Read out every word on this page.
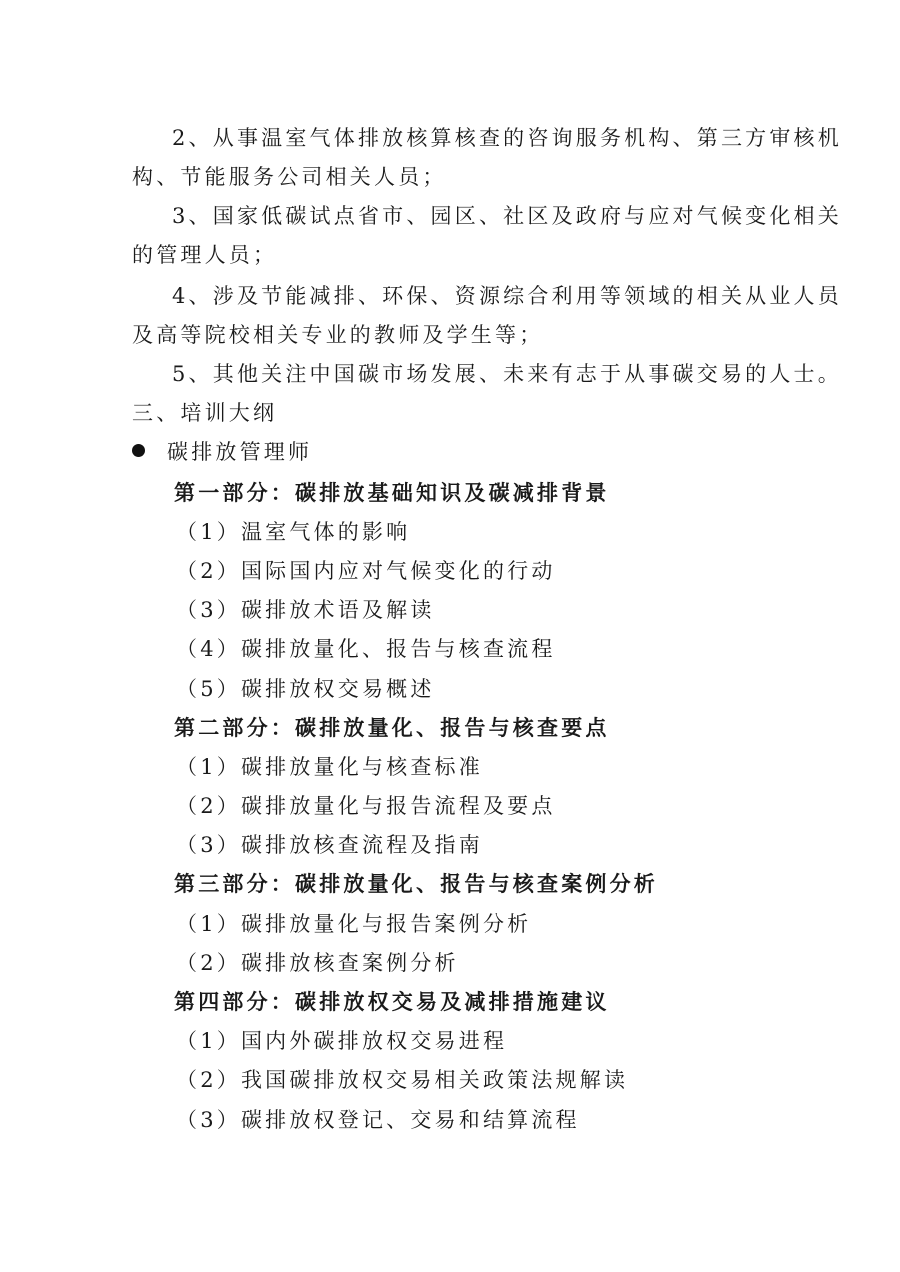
2、从事温室气体排放核算核查的咨询服务机构、第三方审核机
构、节能服务公司相关人员；
3、国家低碳试点省市、园区、社区及政府与应对气候变化相关
的管理人员；
4、涉及节能减排、环保、资源综合利用等领域的相关从业人员
及高等院校相关专业的教师及学生等；
5、其他关注中国碳市场发展、未来有志于从事碳交易的人士。
三、培训大纲
碳排放管理师
第一部分：碳排放基础知识及碳减排背景
（1）温室气体的影响
（2）国际国内应对气候变化的行动
（3）碳排放术语及解读
（4）碳排放量化、报告与核查流程
（5）碳排放权交易概述
第二部分：碳排放量化、报告与核查要点
（1）碳排放量化与核查标准
（2）碳排放量化与报告流程及要点
（3）碳排放核查流程及指南
第三部分：碳排放量化、报告与核查案例分析
（1）碳排放量化与报告案例分析
（2）碳排放核查案例分析
第四部分：碳排放权交易及减排措施建议
（1）国内外碳排放权交易进程
（2）我国碳排放权交易相关政策法规解读
（3）碳排放权登记、交易和结算流程
